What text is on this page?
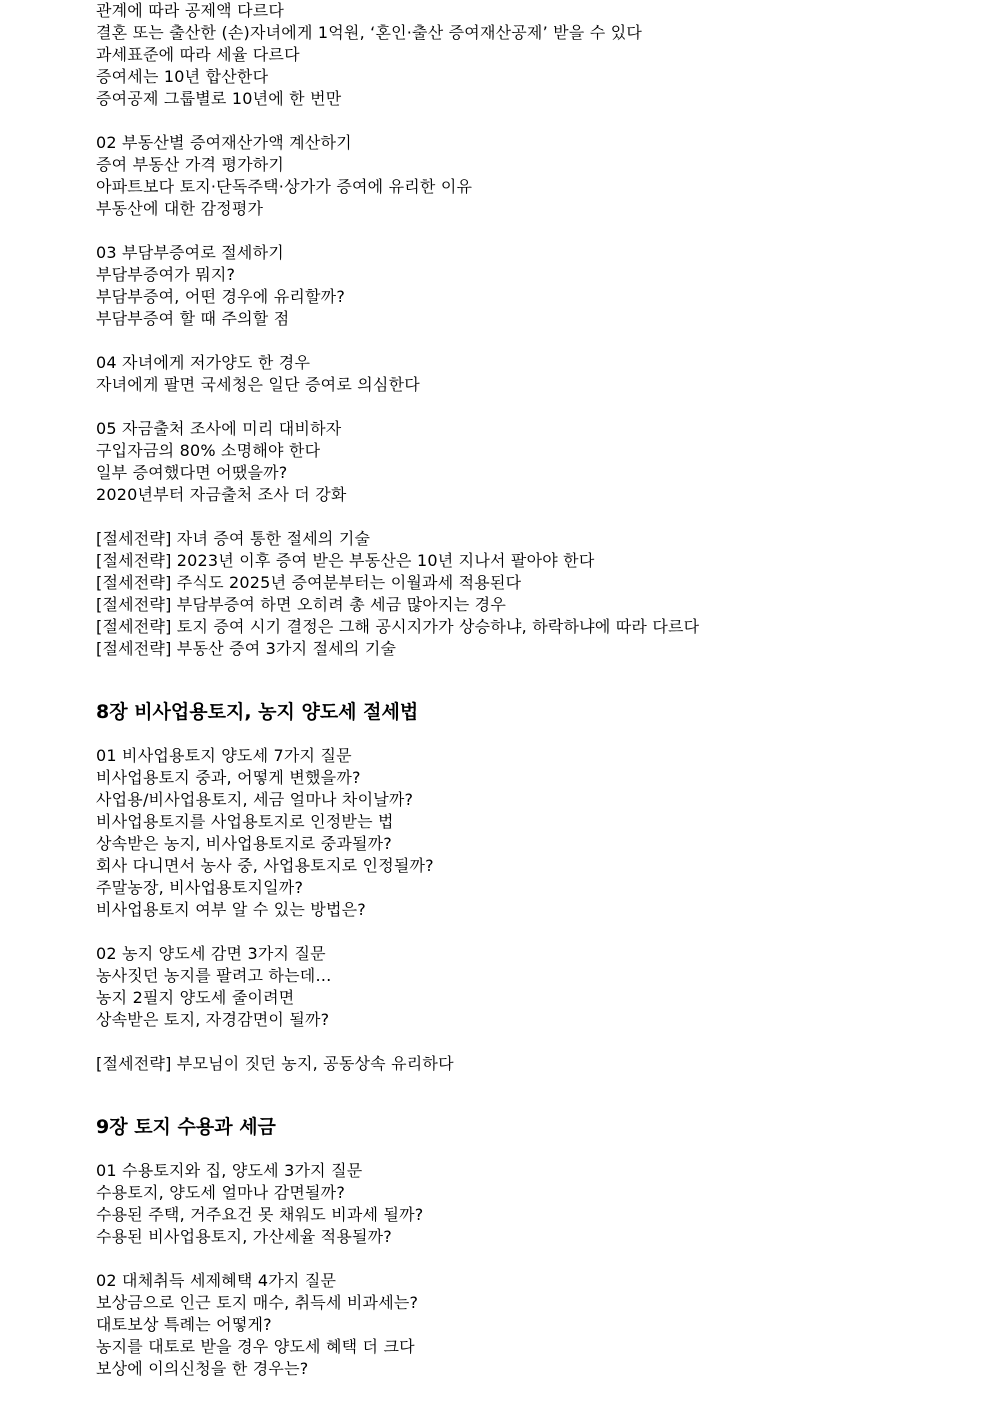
관계에 따라 공제액 다르다
결혼 또는 출산한 (손)자녀에게 1억원, ‘혼인·출산 증여재산공제’ 받을 수 있다
과세표준에 따라 세율 다르다
증여세는 10년 합산한다
증여공제 그룹별로 10년에 한 번만
02 부동산별 증여재산가액 계산하기
증여 부동산 가격 평가하기
아파트보다 토지·단독주택·상가가 증여에 유리한 이유
부동산에 대한 감정평가
03 부담부증여로 절세하기
부담부증여가 뭐지?
부담부증여, 어떤 경우에 유리할까?
부담부증여 할 때 주의할 점
04 자녀에게 저가양도 한 경우
자녀에게 팔면 국세청은 일단 증여로 의심한다
05 자금출처 조사에 미리 대비하자
구입자금의 80% 소명해야 한다
일부 증여했다면 어땠을까?
2020년부터 자금출처 조사 더 강화
[절세전략] 자녀 증여 통한 절세의 기술
[절세전략] 2023년 이후 증여 받은 부동산은 10년 지나서 팔아야 한다
[절세전략] 주식도 2025년 증여분부터는 이월과세 적용된다
[절세전략] 부담부증여 하면 오히려 총 세금 많아지는 경우
[절세전략] 토지 증여 시기 결정은 그해 공시지가가 상승하냐, 하락하냐에 따라 다르다
[절세전략] 부동산 증여 3가지 절세의 기술
8장 비사업용토지, 농지 양도세 절세법
01 비사업용토지 양도세 7가지 질문
비사업용토지 중과, 어떻게 변했을까?
사업용/비사업용토지, 세금 얼마나 차이날까?
비사업용토지를 사업용토지로 인정받는 법
상속받은 농지, 비사업용토지로 중과될까?
회사 다니면서 농사 중, 사업용토지로 인정될까?
주말농장, 비사업용토지일까?
비사업용토지 여부 알 수 있는 방법은?
02 농지 양도세 감면 3가지 질문
농사짓던 농지를 팔려고 하는데…
농지 2필지 양도세 줄이려면
상속받은 토지, 자경감면이 될까?
[절세전략] 부모님이 짓던 농지, 공동상속 유리하다
9장 토지 수용과 세금
01 수용토지와 집, 양도세 3가지 질문
수용토지, 양도세 얼마나 감면될까?
수용된 주택, 거주요건 못 채워도 비과세 될까?
수용된 비사업용토지, 가산세율 적용될까?
02 대체취득 세제혜택 4가지 질문
보상금으로 인근 토지 매수, 취득세 비과세는?
대토보상 특례는 어떻게?
농지를 대토로 받을 경우 양도세 혜택 더 크다
보상에 이의신청을 한 경우는?
